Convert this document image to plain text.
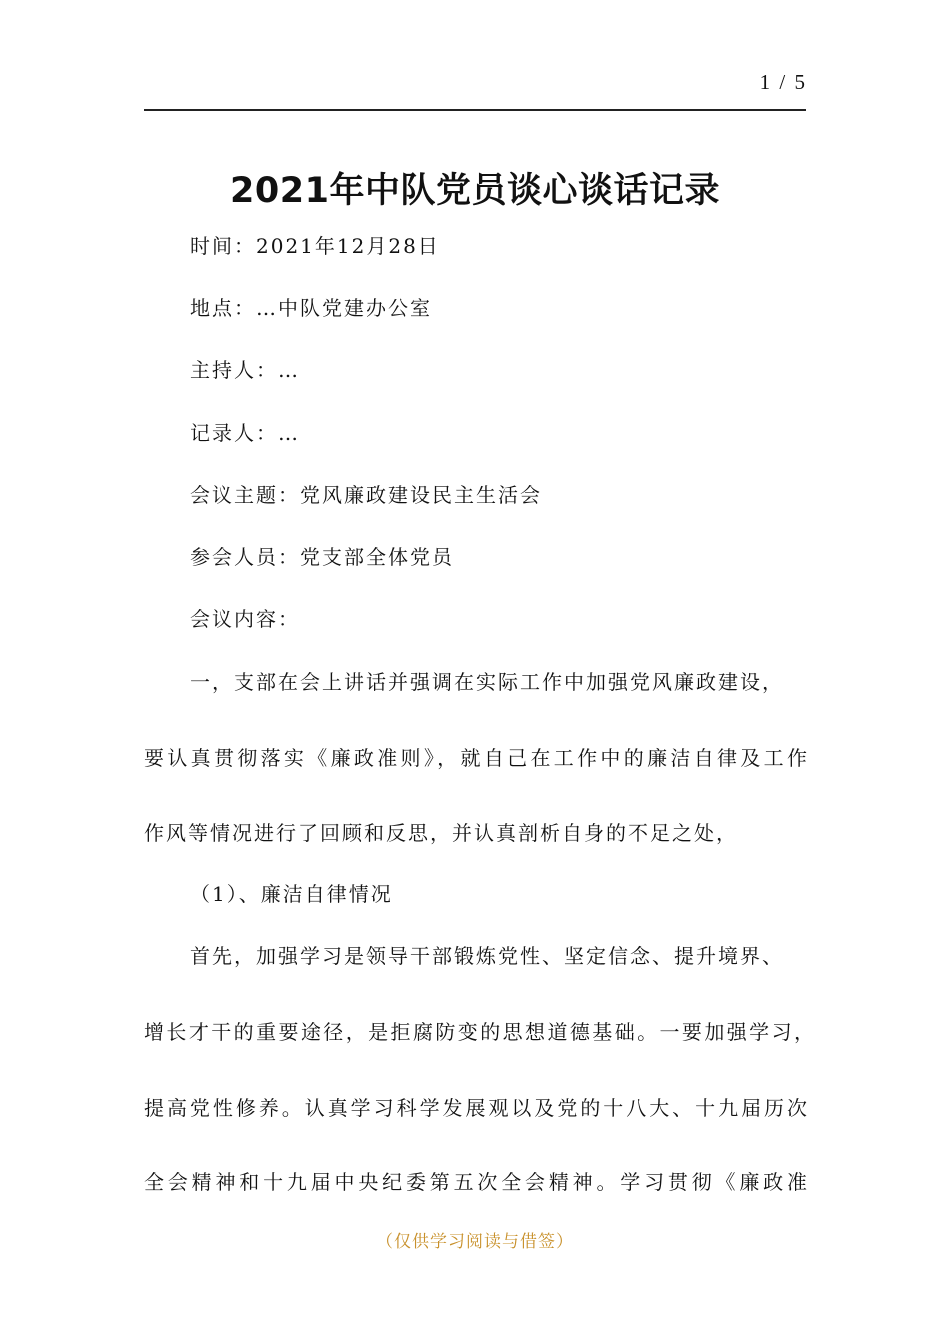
1 / 5
2021年中队党员谈心谈话记录
时间：2021年12月28日
地点：…中队党建办公室
主持人：…
记录人：…
会议主题：党风廉政建设民主生活会
参会人员：党支部全体党员
会议内容：
一，支部在会上讲话并强调在实际工作中加强党风廉政建设，
要认真贯彻落实《廉政准则》，就自己在工作中的廉洁自律及工作
作风等情况进行了回顾和反思，并认真剖析自身的不足之处，
（1）、廉洁自律情况
首先，加强学习是领导干部锻炼党性、坚定信念、提升境界、
增长才干的重要途径，是拒腐防变的思想道德基础。一要加强学习，
提高党性修养。认真学习科学发展观以及党的十八大、十九届历次
全会精神和十九届中央纪委第五次全会精神。学习贯彻《廉政准
（仅供学习阅读与借签）
